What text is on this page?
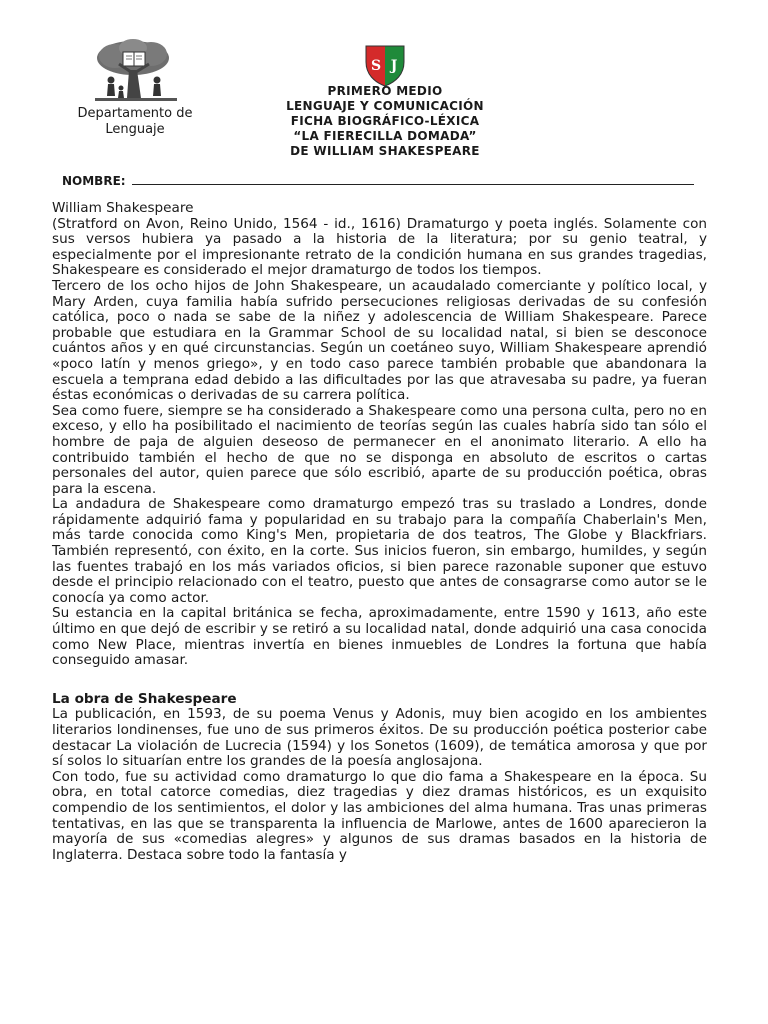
Departamento de Lenguaje
S J
PRIMERO MEDIO
LENGUAJE Y COMUNICACIÓN
FICHA BIOGRÁFICO-LÉXICA
“LA FIERECILLA DOMADA”
DE WILLIAM SHAKESPEARE
NOMBRE:

William Shakespeare

(Stratford on Avon, Reino Unido, 1564 - id., 1616) Dramaturgo y poeta inglés. Solamente con sus versos hubiera ya pasado a la historia de la literatura; por su genio teatral, y especialmente por el impresionante retrato de la condición humana en sus grandes tragedias, Shakespeare es considerado el mejor dramaturgo de todos los tiempos.

Tercero de los ocho hijos de John Shakespeare, un acaudalado comerciante y político local, y Mary Arden, cuya familia había sufrido persecuciones religiosas derivadas de su confesión católica, poco o nada se sabe de la niñez y adolescencia de William Shakespeare. Parece probable que estudiara en la Grammar School de su localidad natal, si bien se desconoce cuántos años y en qué circunstancias. Según un coetáneo suyo, William Shakespeare aprendió «poco latín y menos griego», y en todo caso parece también probable que abandonara la escuela a temprana edad debido a las dificultades por las que atravesaba su padre, ya fueran éstas económicas o derivadas de su carrera política.

Sea como fuere, siempre se ha considerado a Shakespeare como una persona culta, pero no en exceso, y ello ha posibilitado el nacimiento de teorías según las cuales habría sido tan sólo el hombre de paja de alguien deseoso de permanecer en el anonimato literario. A ello ha contribuido también el hecho de que no se disponga en absoluto de escritos o cartas personales del autor, quien parece que sólo escribió, aparte de su producción poética, obras para la escena.

La andadura de Shakespeare como dramaturgo empezó tras su traslado a Londres, donde rápidamente adquirió fama y popularidad en su trabajo para la compañía Chaberlain's Men, más tarde conocida como King's Men, propietaria de dos teatros, The Globe y Blackfriars. También representó, con éxito, en la corte. Sus inicios fueron, sin embargo, humildes, y según las fuentes trabajó en los más variados oficios, si bien parece razonable suponer que estuvo desde el principio relacionado con el teatro, puesto que antes de consagrarse como autor se le conocía ya como actor.

Su estancia en la capital británica se fecha, aproximadamente, entre 1590 y 1613, año este último en que dejó de escribir y se retiró a su localidad natal, donde adquirió una casa conocida como New Place, mientras invertía en bienes inmuebles de Londres la fortuna que había conseguido amasar.

La obra de Shakespeare

La publicación, en 1593, de su poema Venus y Adonis, muy bien acogido en los ambientes literarios londinenses, fue uno de sus primeros éxitos. De su producción poética posterior cabe destacar La violación de Lucrecia (1594) y los Sonetos (1609), de temática amorosa y que por sí solos lo situarían entre los grandes de la poesía anglosajona.

Con todo, fue su actividad como dramaturgo lo que dio fama a Shakespeare en la época. Su obra, en total catorce comedias, diez tragedias y diez dramas históricos, es un exquisito compendio de los sentimientos, el dolor y las ambiciones del alma humana. Tras unas primeras tentativas, en las que se transparenta la influencia de Marlowe, antes de 1600 aparecieron la mayoría de sus «comedias alegres» y algunos de sus dramas basados en la historia de Inglaterra. Destaca sobre todo la fantasía y
